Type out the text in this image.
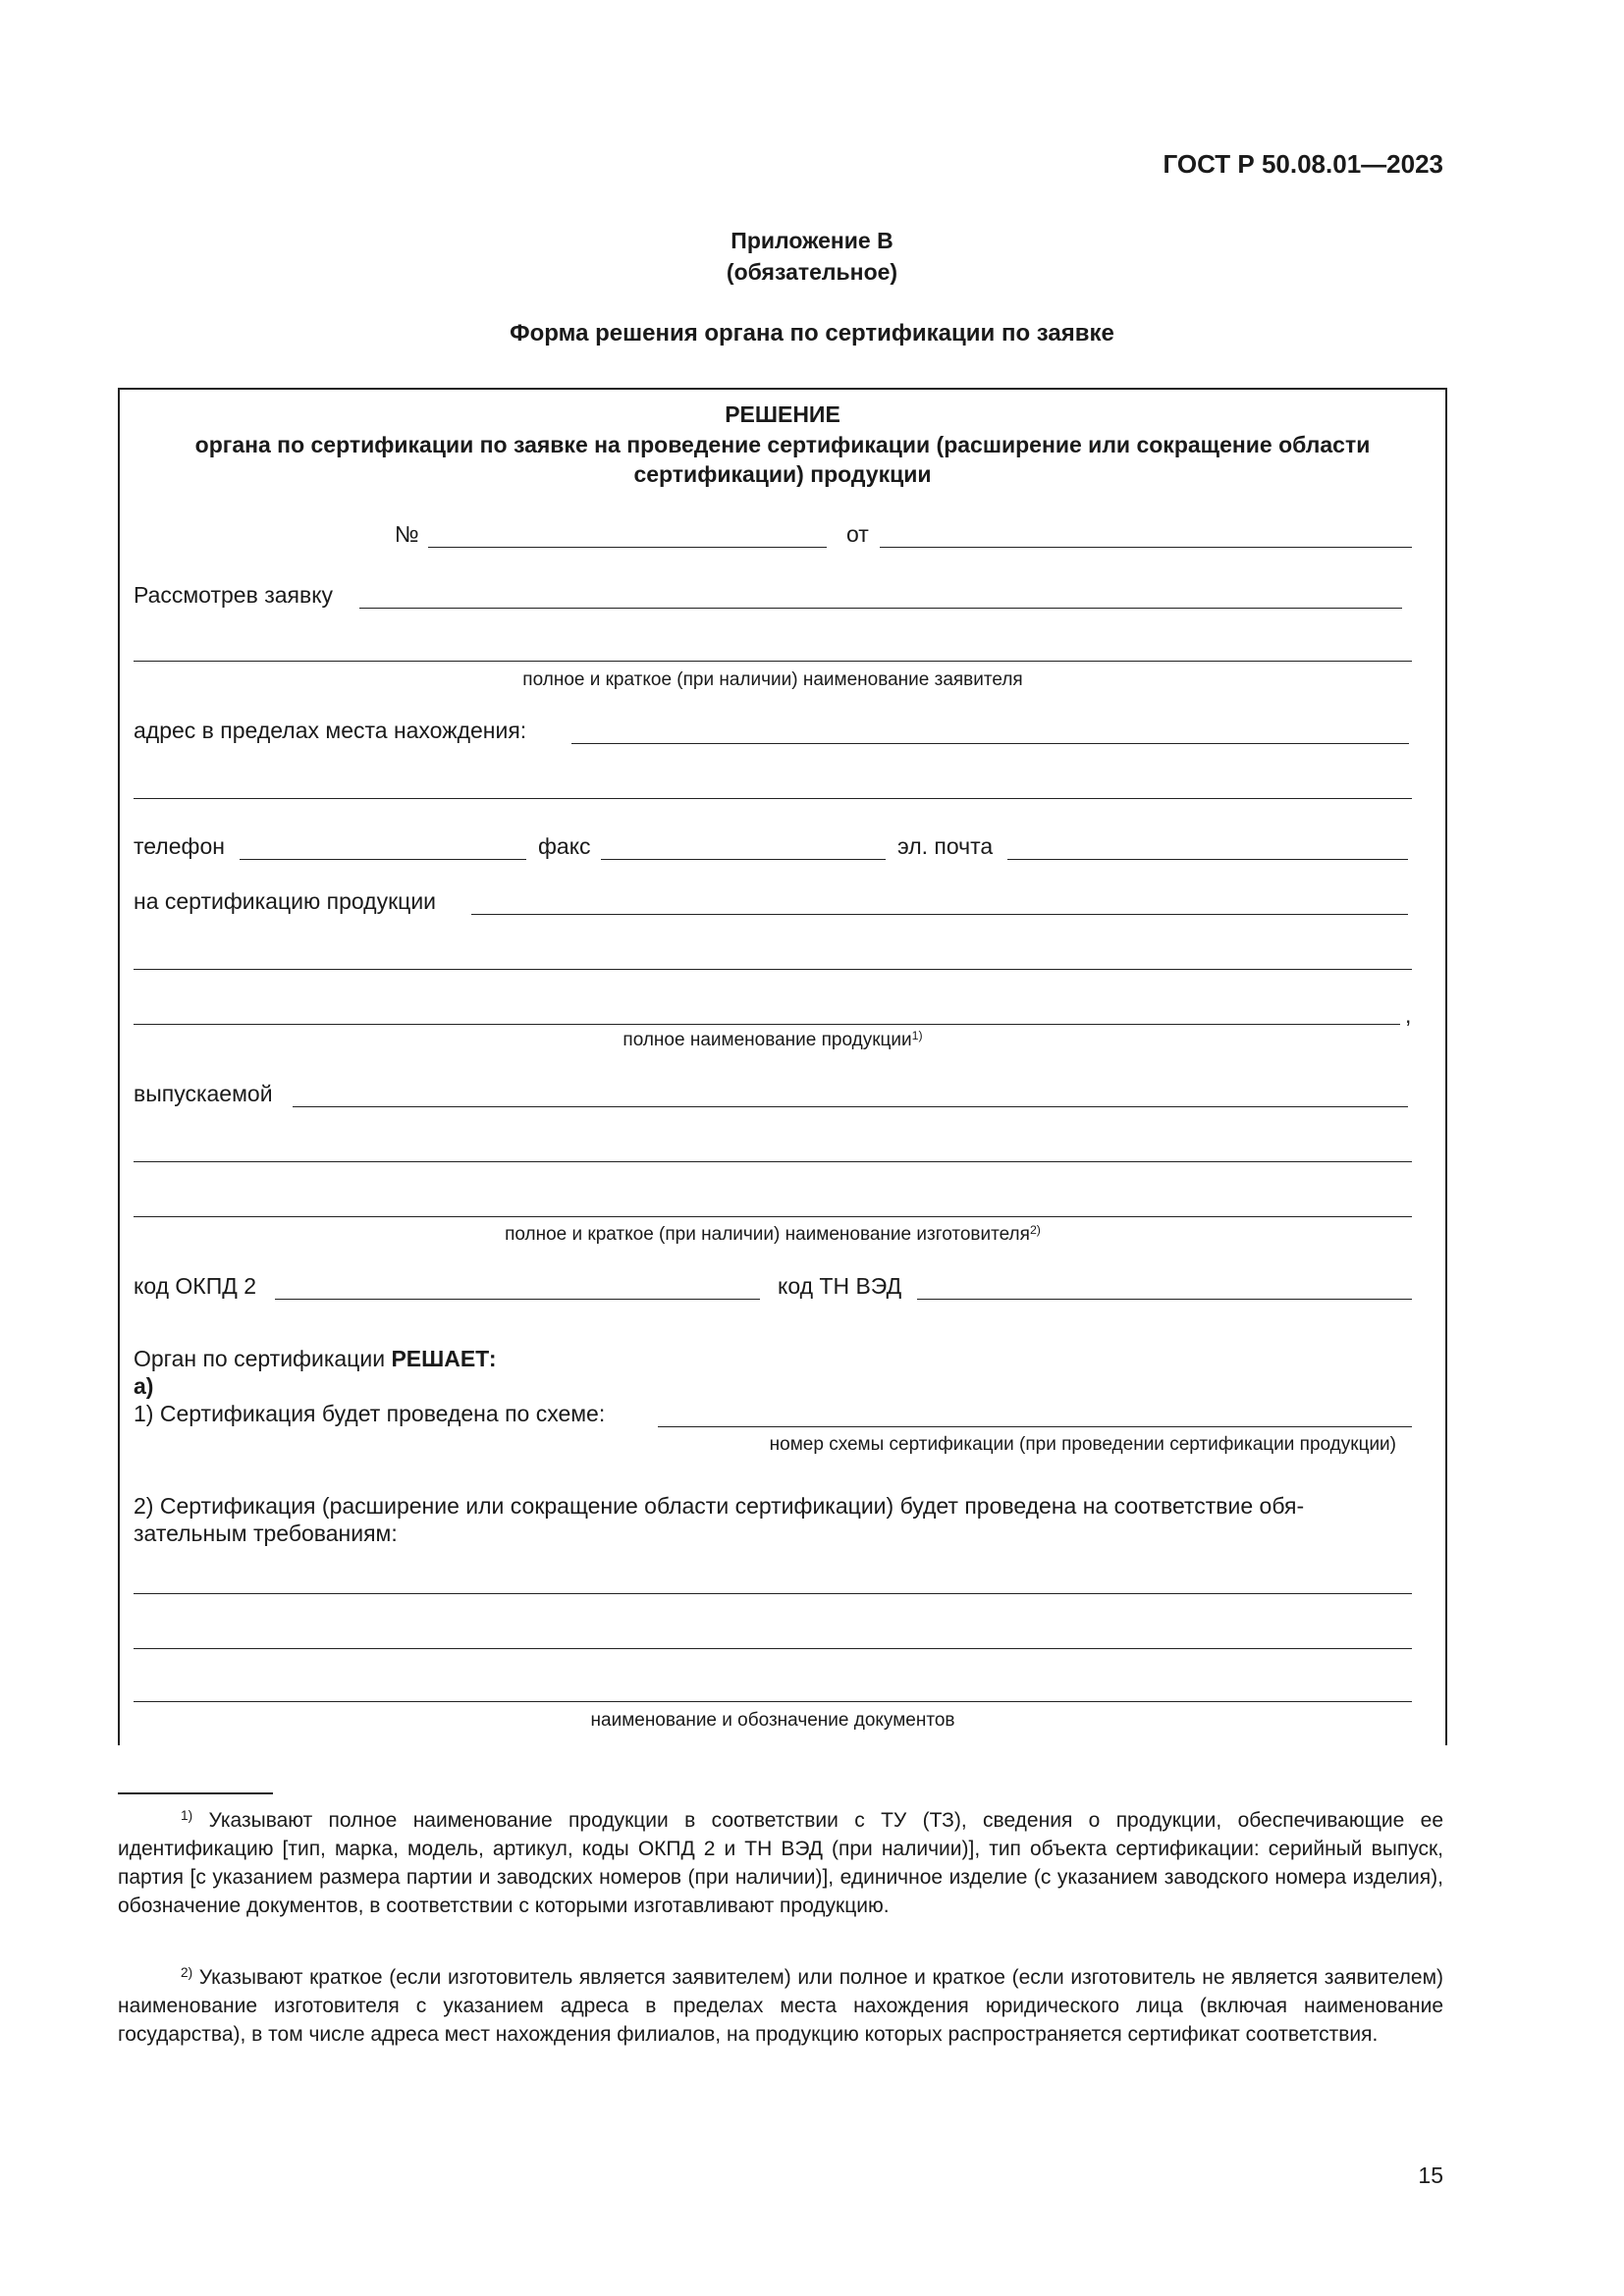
ГОСТ Р 50.08.01—2023
Приложение В
(обязательное)
Форма решения органа по сертификации по заявке
РЕШЕНИЕ
органа по сертификации по заявке на проведение сертификации (расширение или сокращение области
сертификации) продукции
№	от
Рассмотрев заявку
полное и краткое (при наличии) наименование заявителя
адрес в пределах места нахождения:
телефон	факс	эл. почта
на сертификацию продукции
,
полное наименование продукции$^{1)}$
выпускаемой
полное и краткое (при наличии) наименование изготовителя$^{2)}$
код ОКПД 2	код ТН ВЭД
Орган по сертификации РЕШАЕТ:
а)
1) Сертификация будет проведена по схеме:
номер схемы сертификации (при проведении сертификации продукции)
2) Сертификация (расширение или сокращение области сертификации) будет проведена на соответствие обя-
зательным требованиям:
наименование и обозначение документов
$^{1)}$ Указывают полное наименование продукции в соответствии с ТУ (ТЗ), сведения о продукции, обеспечивающие ее идентификацию [тип, марка, модель, артикул, коды ОКПД 2 и ТН ВЭД (при наличии)], тип объекта сертификации: серийный выпуск, партия [с указанием размера партии и заводских номеров (при наличии)], единичное изделие (с указанием заводского номера изделия), обозначение документов, в соответствии с которыми изготавливают продукцию.
$^{2)}$ Указывают краткое (если изготовитель является заявителем) или полное и краткое (если изготовитель не является заявителем) наименование изготовителя с указанием адреса в пределах места нахождения юридического лица (включая наименование государства), в том числе адреса мест нахождения филиалов, на продукцию которых распространяется сертификат соответствия.
15
